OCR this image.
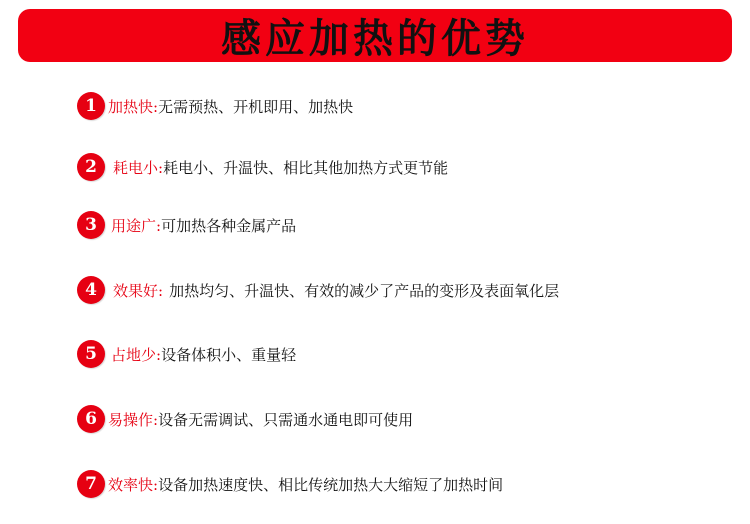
感应加热的优势
1 加热快: 无需预热、开机即用、加热快
2	耗电小: 耗电小、升温快、相比其他加热方式更节能
3 用途广: 可加热各种金属产品
4	效果好: 加热均匀、升温快、有效的减少了产品的变形及表面氧化层
5 占地少: 设备体积小、重量轻
6 易操作: 设备无需调试、只需通水通电即可使用
7 效率快: 设备加热速度快、相比传统加热大大缩短了加热时间
